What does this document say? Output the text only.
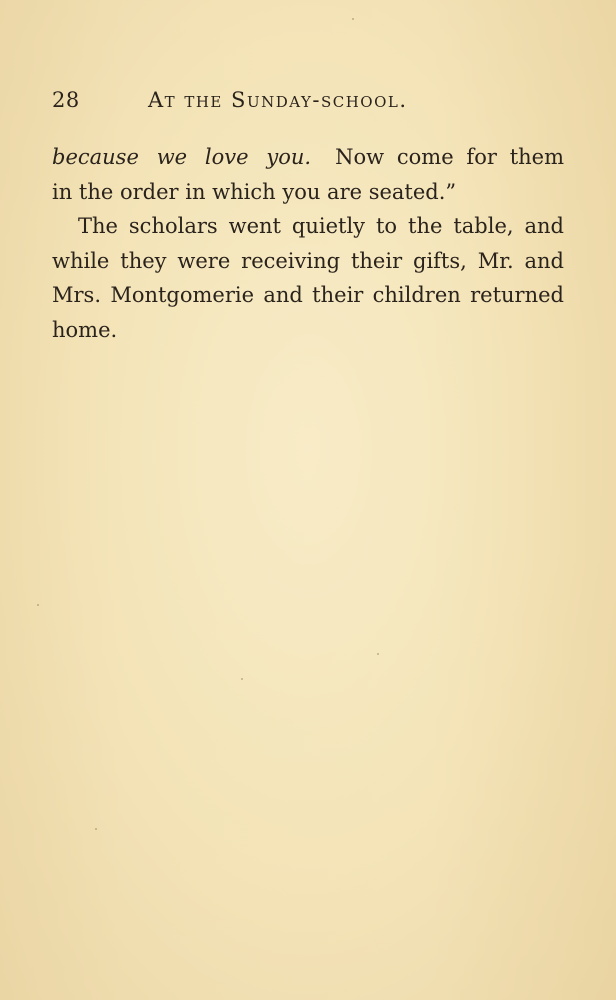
28	At the Sunday-school.
because we love you. Now come for them
in the order in which you are seated.”
The scholars went quietly to the table, and
while they were receiving their gifts, Mr. and
Mrs. Montgomerie and their children returned
home.
